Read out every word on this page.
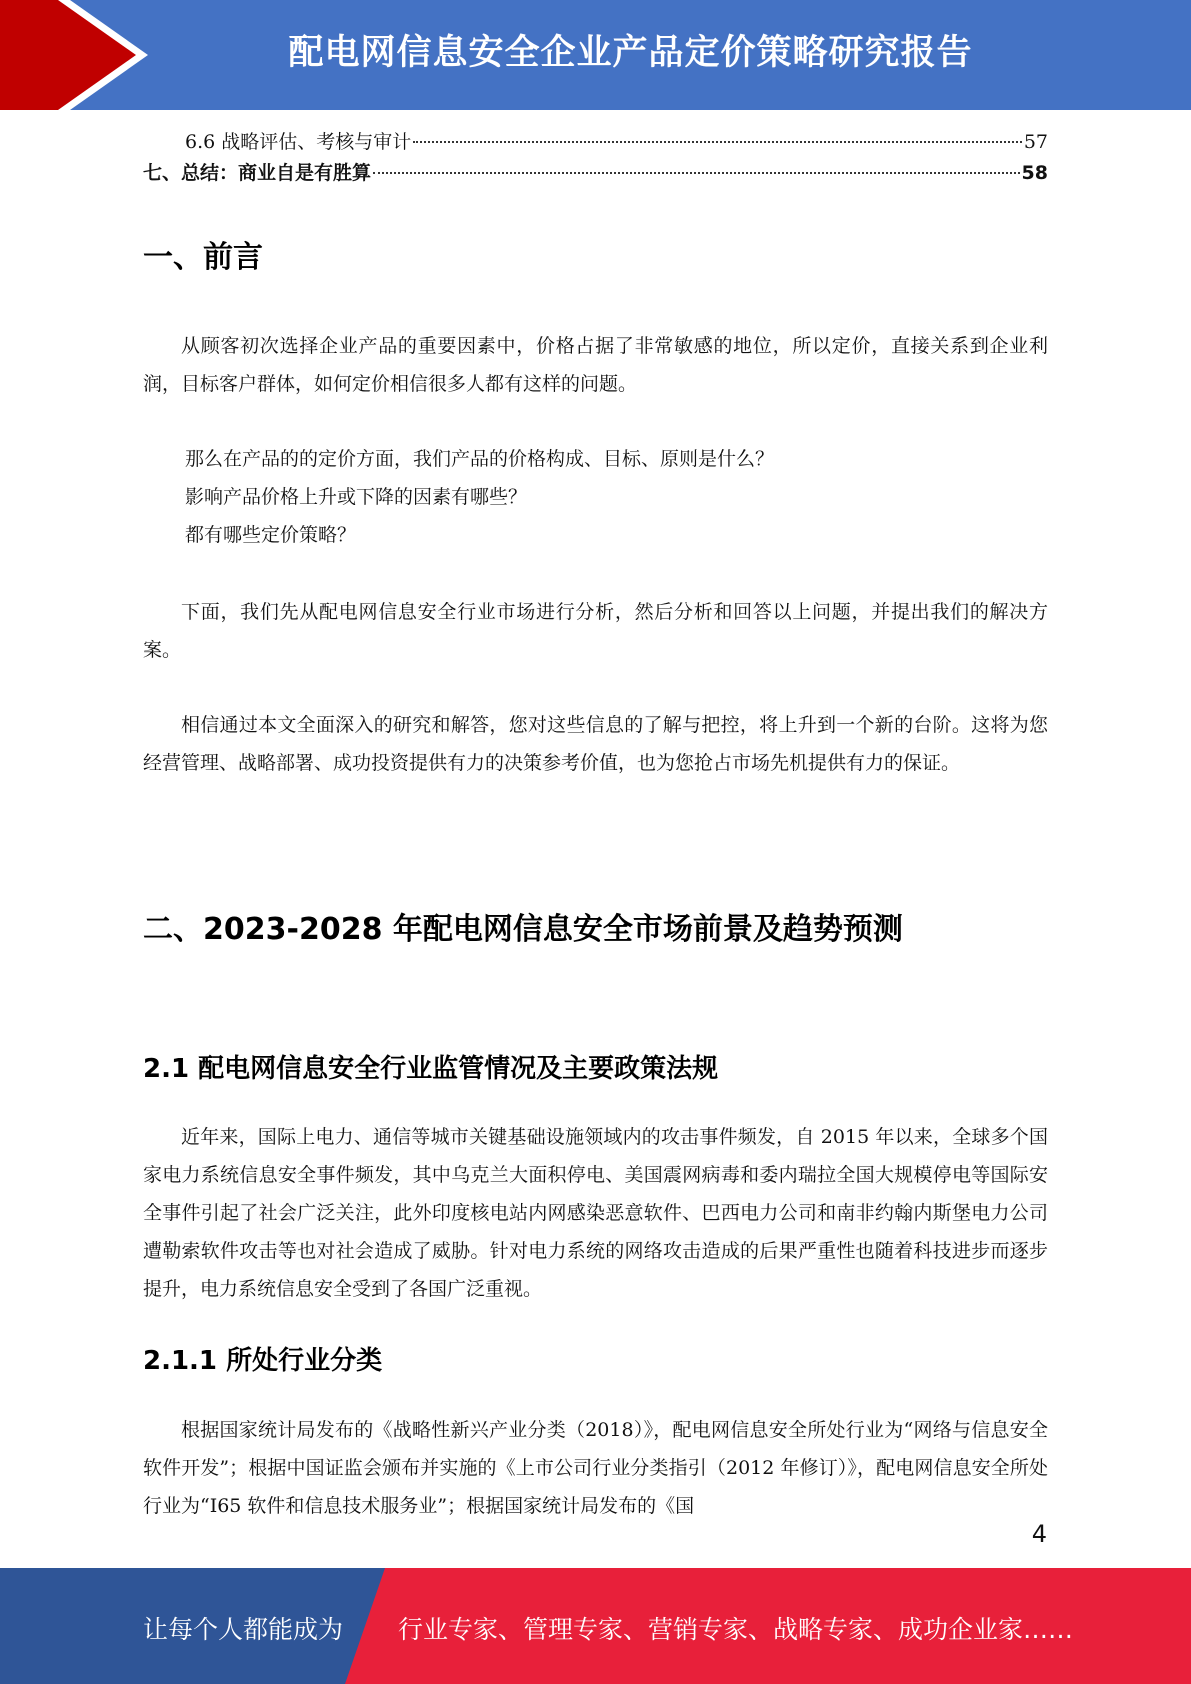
配电网信息安全企业产品定价策略研究报告
6.6 战略评估、考核与审计	57
七、总结：商业自是有胜算	58
一、前言

从顾客初次选择企业产品的重要因素中，价格占据了非常敏感的地位，所以定价，直接关系到企业利润，目标客户群体，如何定价相信很多人都有这样的问题。

那么在产品的的定价方面，我们产品的价格构成、目标、原则是什么？
影响产品价格上升或下降的因素有哪些？
都有哪些定价策略？

下面，我们先从配电网信息安全行业市场进行分析，然后分析和回答以上问题，并提出我们的解决方案。

相信通过本文全面深入的研究和解答，您对这些信息的了解与把控，将上升到一个新的台阶。这将为您经营管理、战略部署、成功投资提供有力的决策参考价值，也为您抢占市场先机提供有力的保证。

二、2023-2028 年配电网信息安全市场前景及趋势预测
2.1 配电网信息安全行业监管情况及主要政策法规

近年来，国际上电力、通信等城市关键基础设施领域内的攻击事件频发，自 2015 年以来，全球多个国家电力系统信息安全事件频发，其中乌克兰大面积停电、美国震网病毒和委内瑞拉全国大规模停电等国际安全事件引起了社会广泛关注，此外印度核电站内网感染恶意软件、巴西电力公司和南非约翰内斯堡电力公司遭勒索软件攻击等也对社会造成了威胁。针对电力系统的网络攻击造成的后果严重性也随着科技进步而逐步提升，电力系统信息安全受到了各国广泛重视。

2.1.1 所处行业分类

根据国家统计局发布的《战略性新兴产业分类（2018）》，配电网信息安全所处行业为“网络与信息安全软件开发”；根据中国证监会颁布并实施的《上市公司行业分类指引（2012 年修订）》，配电网信息安全所处行业为“I65 软件和信息技术服务业”；根据国家统计局发布的《国

4
让每个人都能成为 行业专家、管理专家、营销专家、战略专家、成功企业家……
